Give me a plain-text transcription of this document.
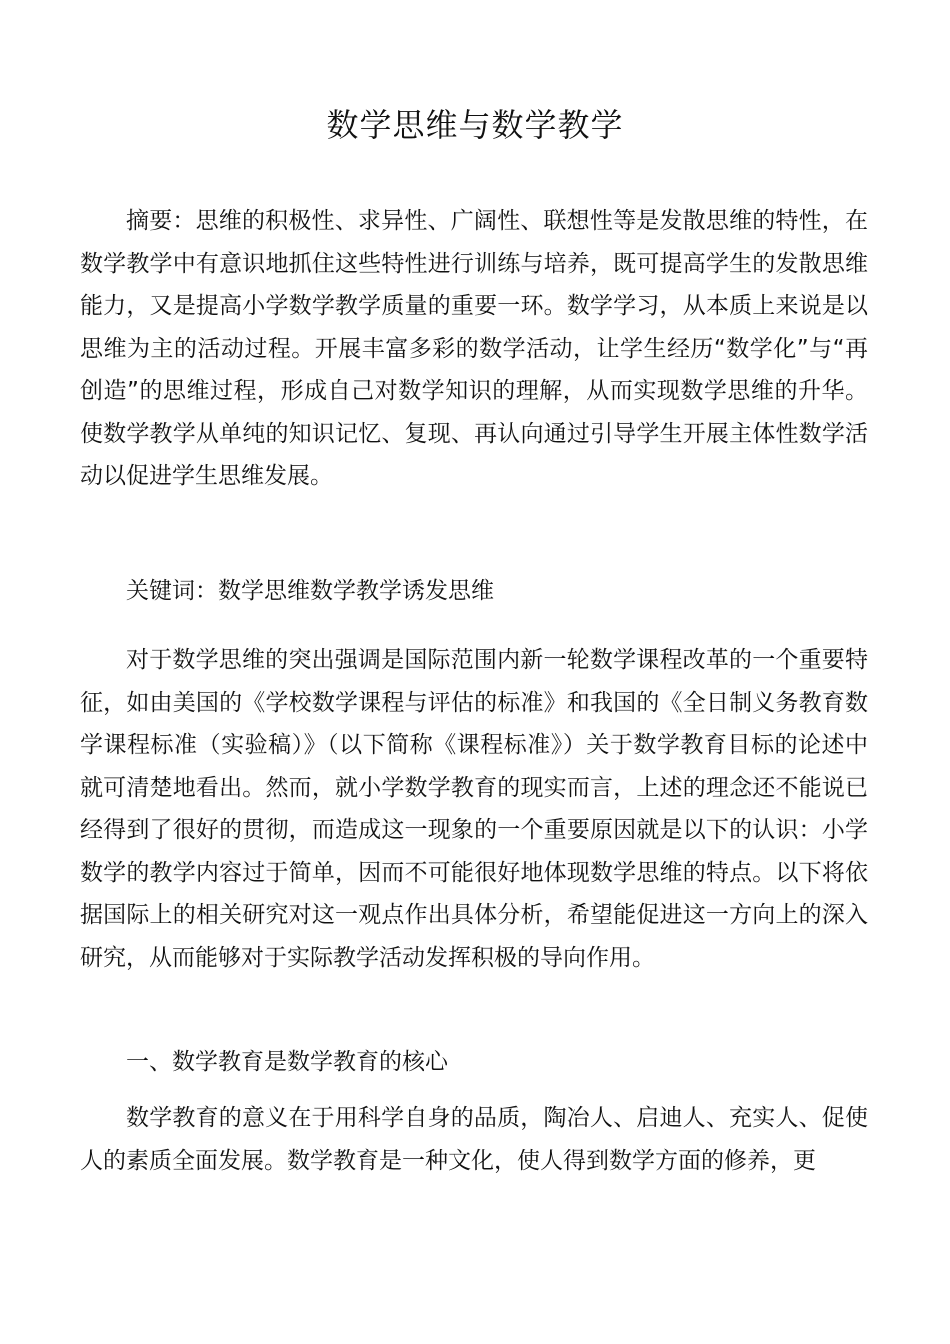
数学思维与数学教学

摘要：思维的积极性、求异性、广阔性、联想性等是发散思维的特性，在数学教学中有意识地抓住这些特性进行训练与培养，既可提高学生的发散思维能力，又是提高小学数学教学质量的重要一环。数学学习，从本质上来说是以思维为主的活动过程。开展丰富多彩的数学活动，让学生经历“数学化”与“再创造”的思维过程，形成自己对数学知识的理解，从而实现数学思维的升华。使数学教学从单纯的知识记忆、复现、再认向通过引导学生开展主体性数学活动以促进学生思维发展。

关键词：数学思维数学教学诱发思维

对于数学思维的突出强调是国际范围内新一轮数学课程改革的一个重要特征，如由美国的《学校数学课程与评估的标准》和我国的《全日制义务教育数学课程标准（实验稿）》（以下简称《课程标准》）关于数学教育目标的论述中就可清楚地看出。然而，就小学数学教育的现实而言，上述的理念还不能说已经得到了很好的贯彻，而造成这一现象的一个重要原因就是以下的认识：小学数学的教学内容过于简单，因而不可能很好地体现数学思维的特点。以下将依据国际上的相关研究对这一观点作出具体分析，希望能促进这一方向上的深入研究，从而能够对于实际教学活动发挥积极的导向作用。

一、数学教育是数学教育的核心

数学教育的意义在于用科学自身的品质，陶冶人、启迪人、充实人、促使人的素质全面发展。数学教育是一种文化，使人得到数学方面的修养，更
